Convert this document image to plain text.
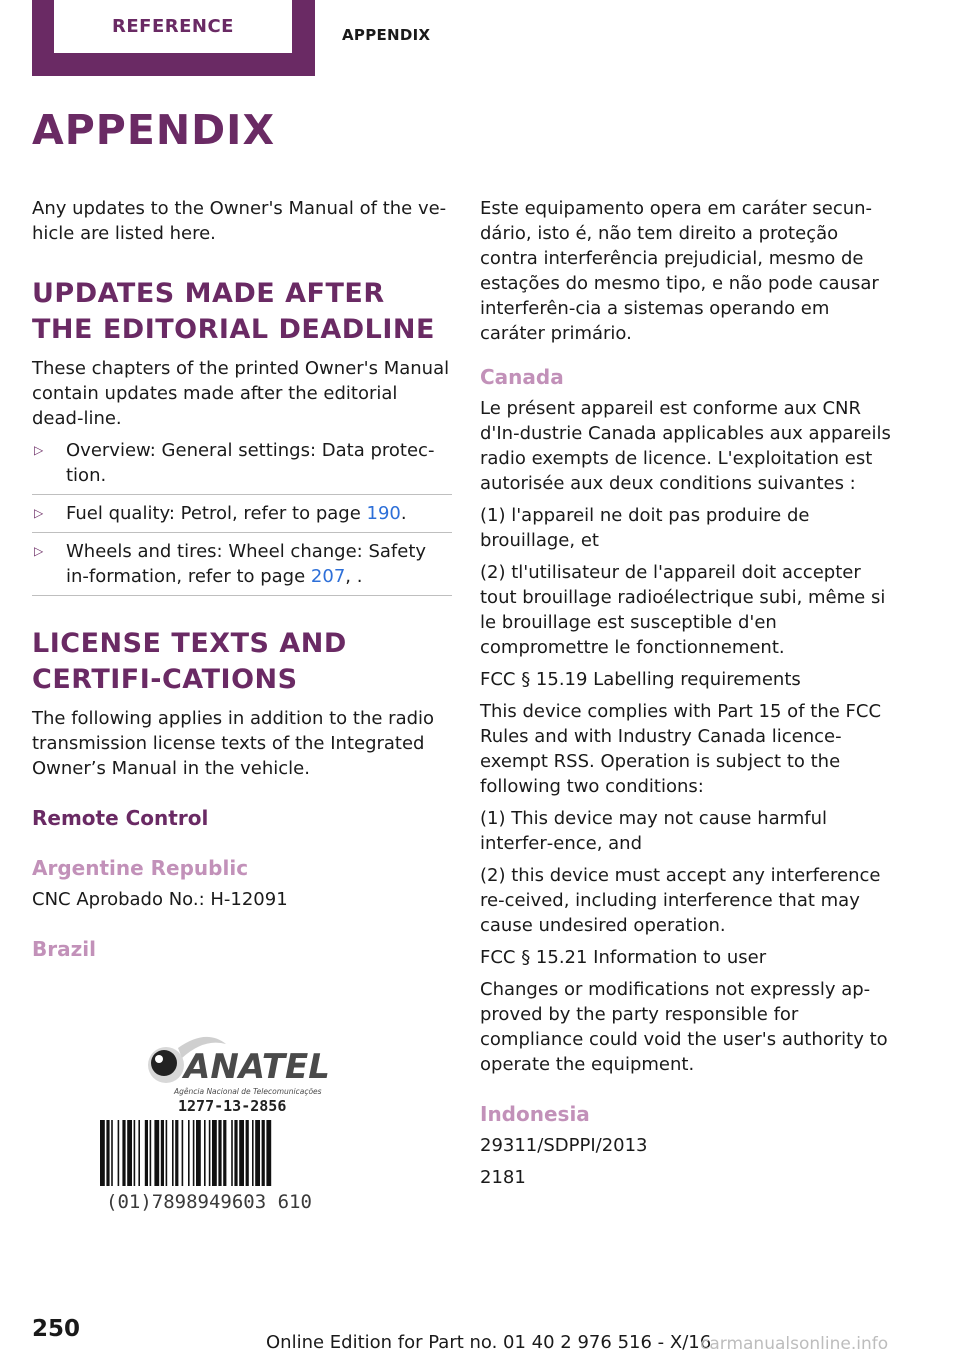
REFERENCE	APPENDIX
APPENDIX

Any updates to the Owner's Manual of the ve‐hicle are listed here.

UPDATES MADE AFTER THE EDITORIAL DEADLINE

These chapters of the printed Owner's Manual contain updates made after the editorial dead‐line.

▷ Overview: General settings: Data protec‐tion.
▷ Fuel quality: Petrol, refer to page 190.
▷ Wheels and tires: Wheel change: Safety in‐formation, refer to page 207, .
LICENSE TEXTS AND CERTIFI‐CATIONS

The following applies in addition to the radio transmission license texts of the Integrated Owner’s Manual in the vehicle.

Remote Control
Argentine Republic

CNC Aprobado No.: H-12091

Brazil
ANATEL
Agência Nacional de Telecomunicações
1277-13-2856
(01)7898949603 610

Este equipamento opera em caráter secun‐dário, isto é, não tem direito a proteção contra interferência prejudicial, mesmo de estações do mesmo tipo, e não pode causar interferên‐cia a sistemas operando em caráter primário.

Canada

Le présent appareil est conforme aux CNR d'In‐dustrie Canada applicables aux appareils radio exempts de licence. L'exploitation est autorisée aux deux conditions suivantes :

(1) l'appareil ne doit pas produire de brouillage, et

(2) tl'utilisateur de l'appareil doit accepter tout brouillage radioélectrique subi, même si le brouillage est susceptible d'en compromettre le fonctionnement.

FCC § 15.19 Labelling requirements

This device complies with Part 15 of the FCC Rules and with Industry Canada licence-exempt RSS. Operation is subject to the following two conditions:

(1) This device may not cause harmful interfer‐ence, and

(2) this device must accept any interference re‐ceived, including interference that may cause undesired operation.

FCC § 15.21 Information to user

Changes or modifications not expressly ap‐proved by the party responsible for compliance could void the user's authority to operate the equipment.

Indonesia

29311/SDPPI/2013

2181

250
Online Edition for Part no. 01 40 2 976 516 - X/16
carmanualsonline.info
